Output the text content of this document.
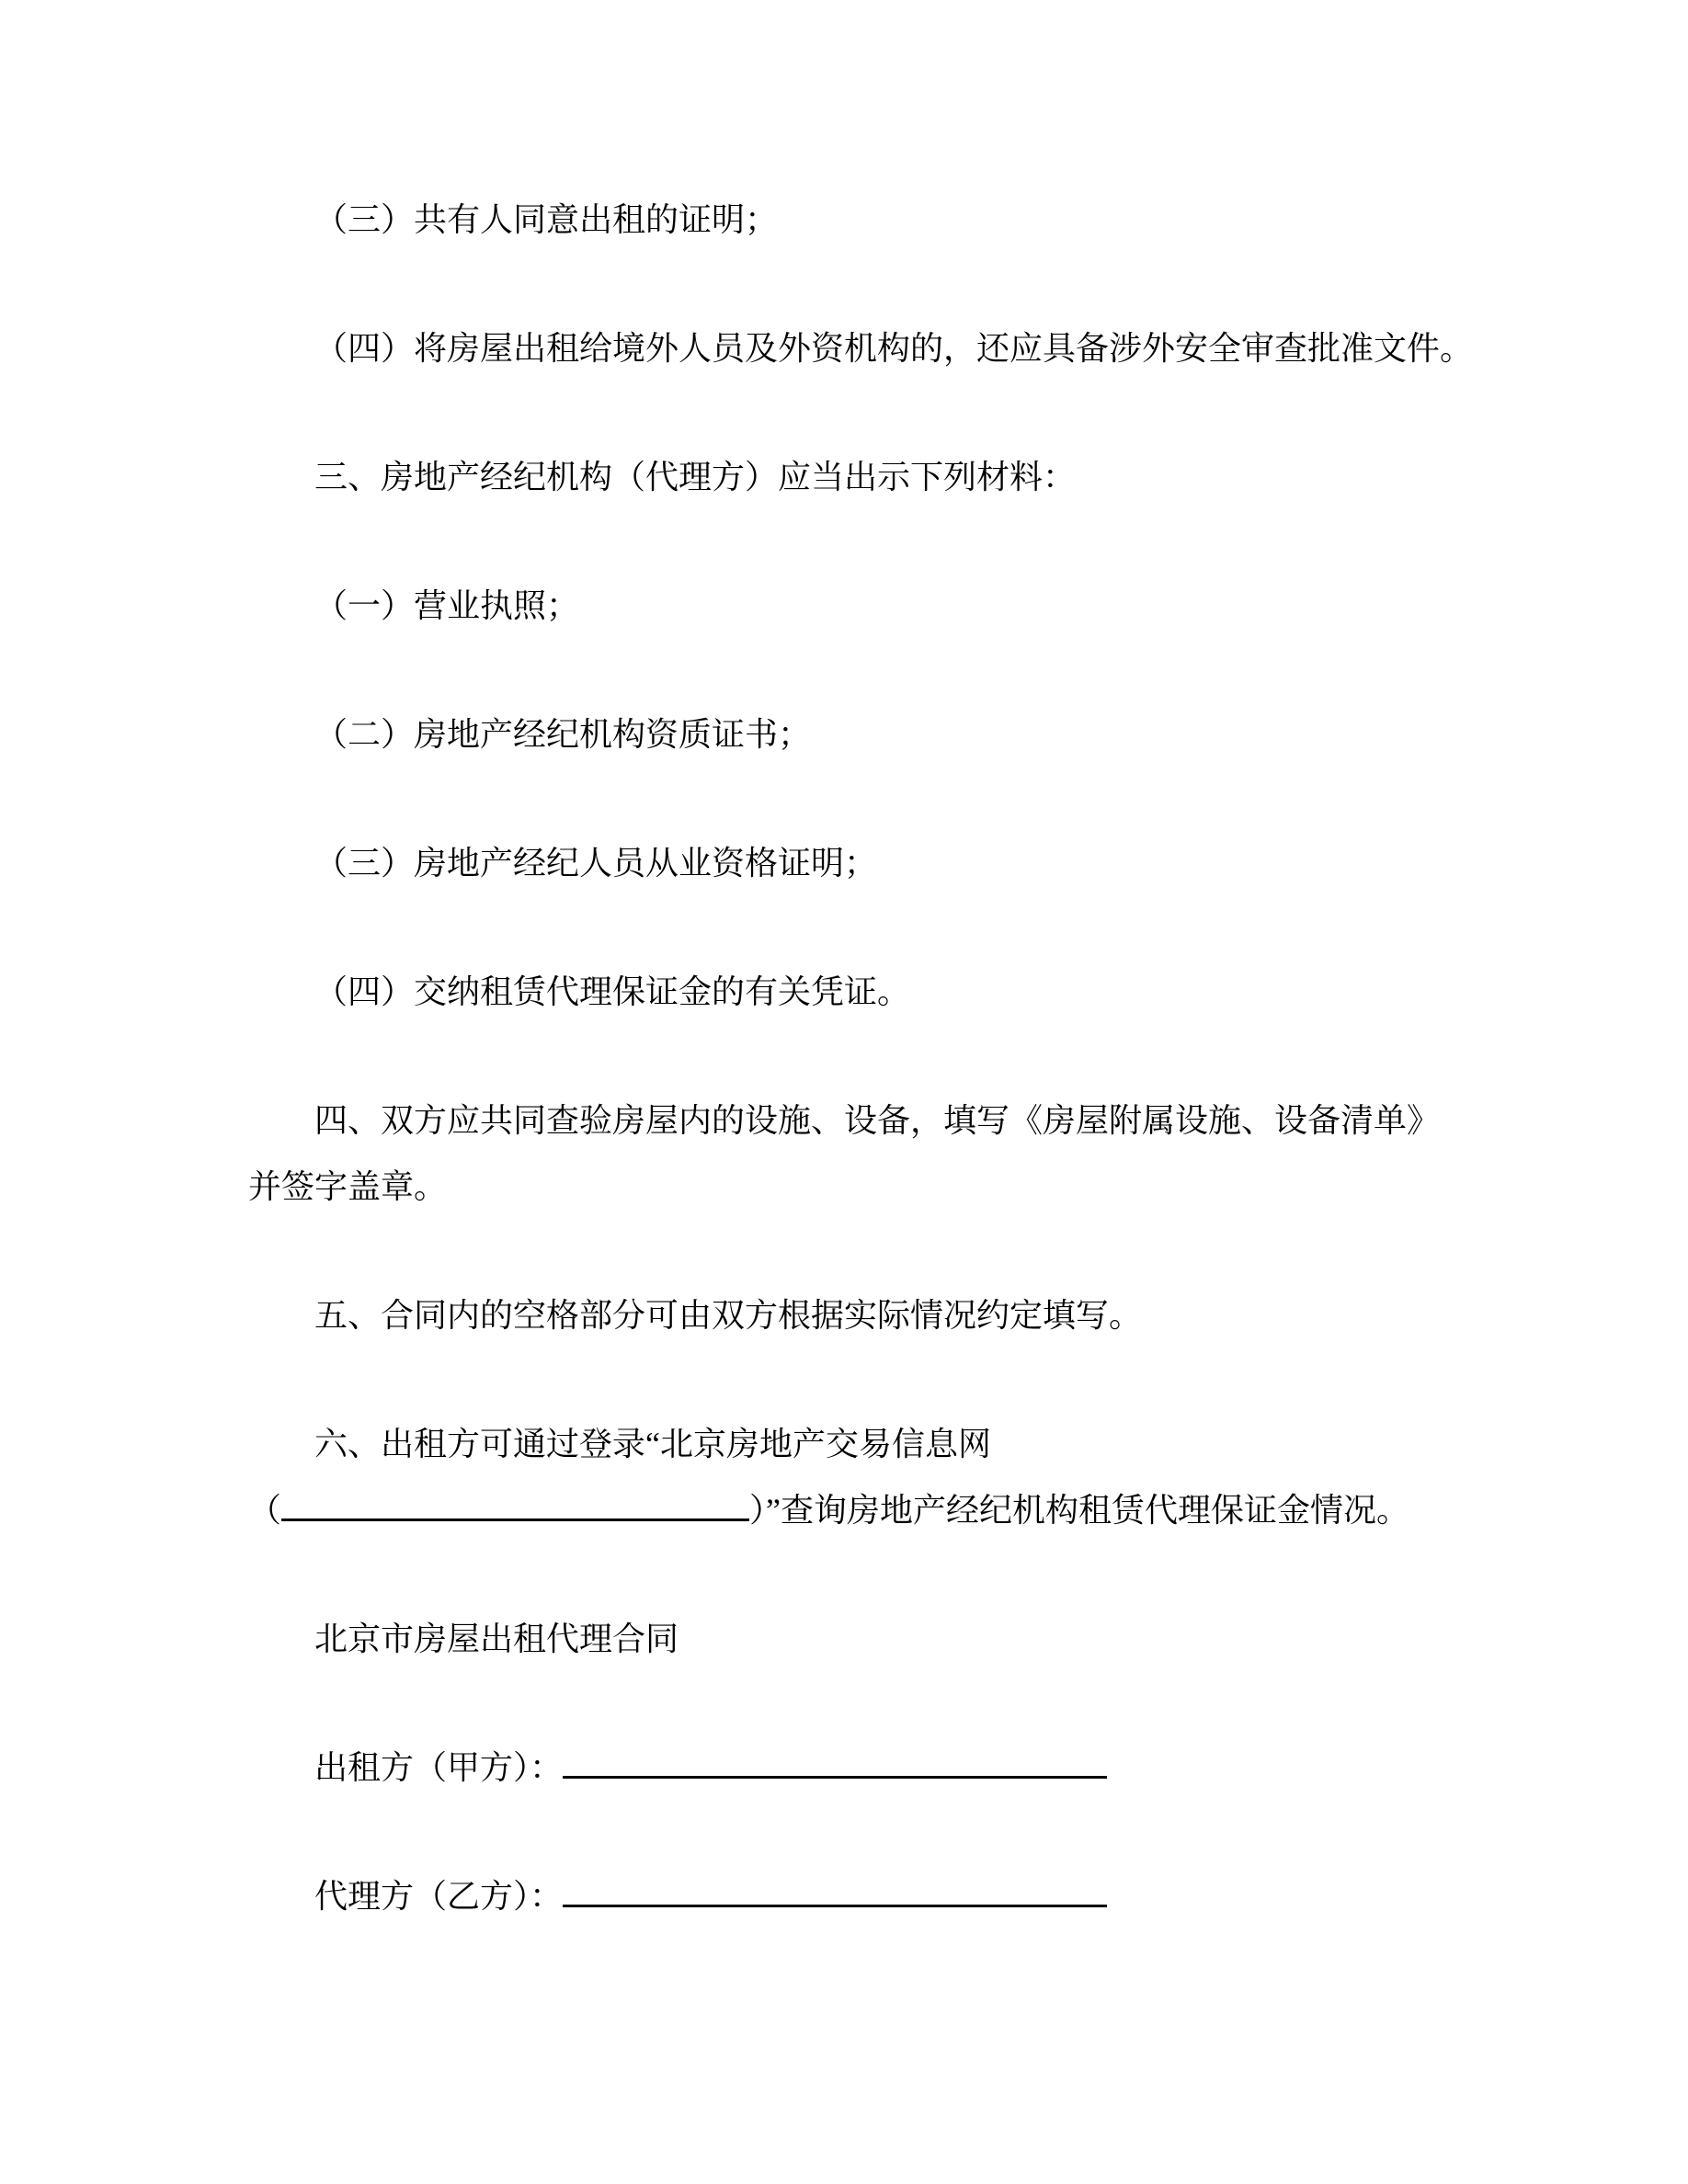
（三）共有人同意出租的证明；
（四）将房屋出租给境外人员及外资机构的，还应具备涉外安全审查批准文件。
三、房地产经纪机构（代理方）应当出示下列材料：
（一）营业执照；
（二）房地产经纪机构资质证书；
（三）房地产经纪人员从业资格证明；
（四）交纳租赁代理保证金的有关凭证。
四、双方应共同查验房屋内的设施、设备，填写《房屋附属设施、设备清单》
并签字盖章。
五、合同内的空格部分可由双方根据实际情况约定填写。
六、出租方可通过登录“北京房地产交易信息网
（	）”查询房地产经纪机构租赁代理保证金情况。
北京市房屋出租代理合同
出租方（甲方）：
代理方（乙方）：
